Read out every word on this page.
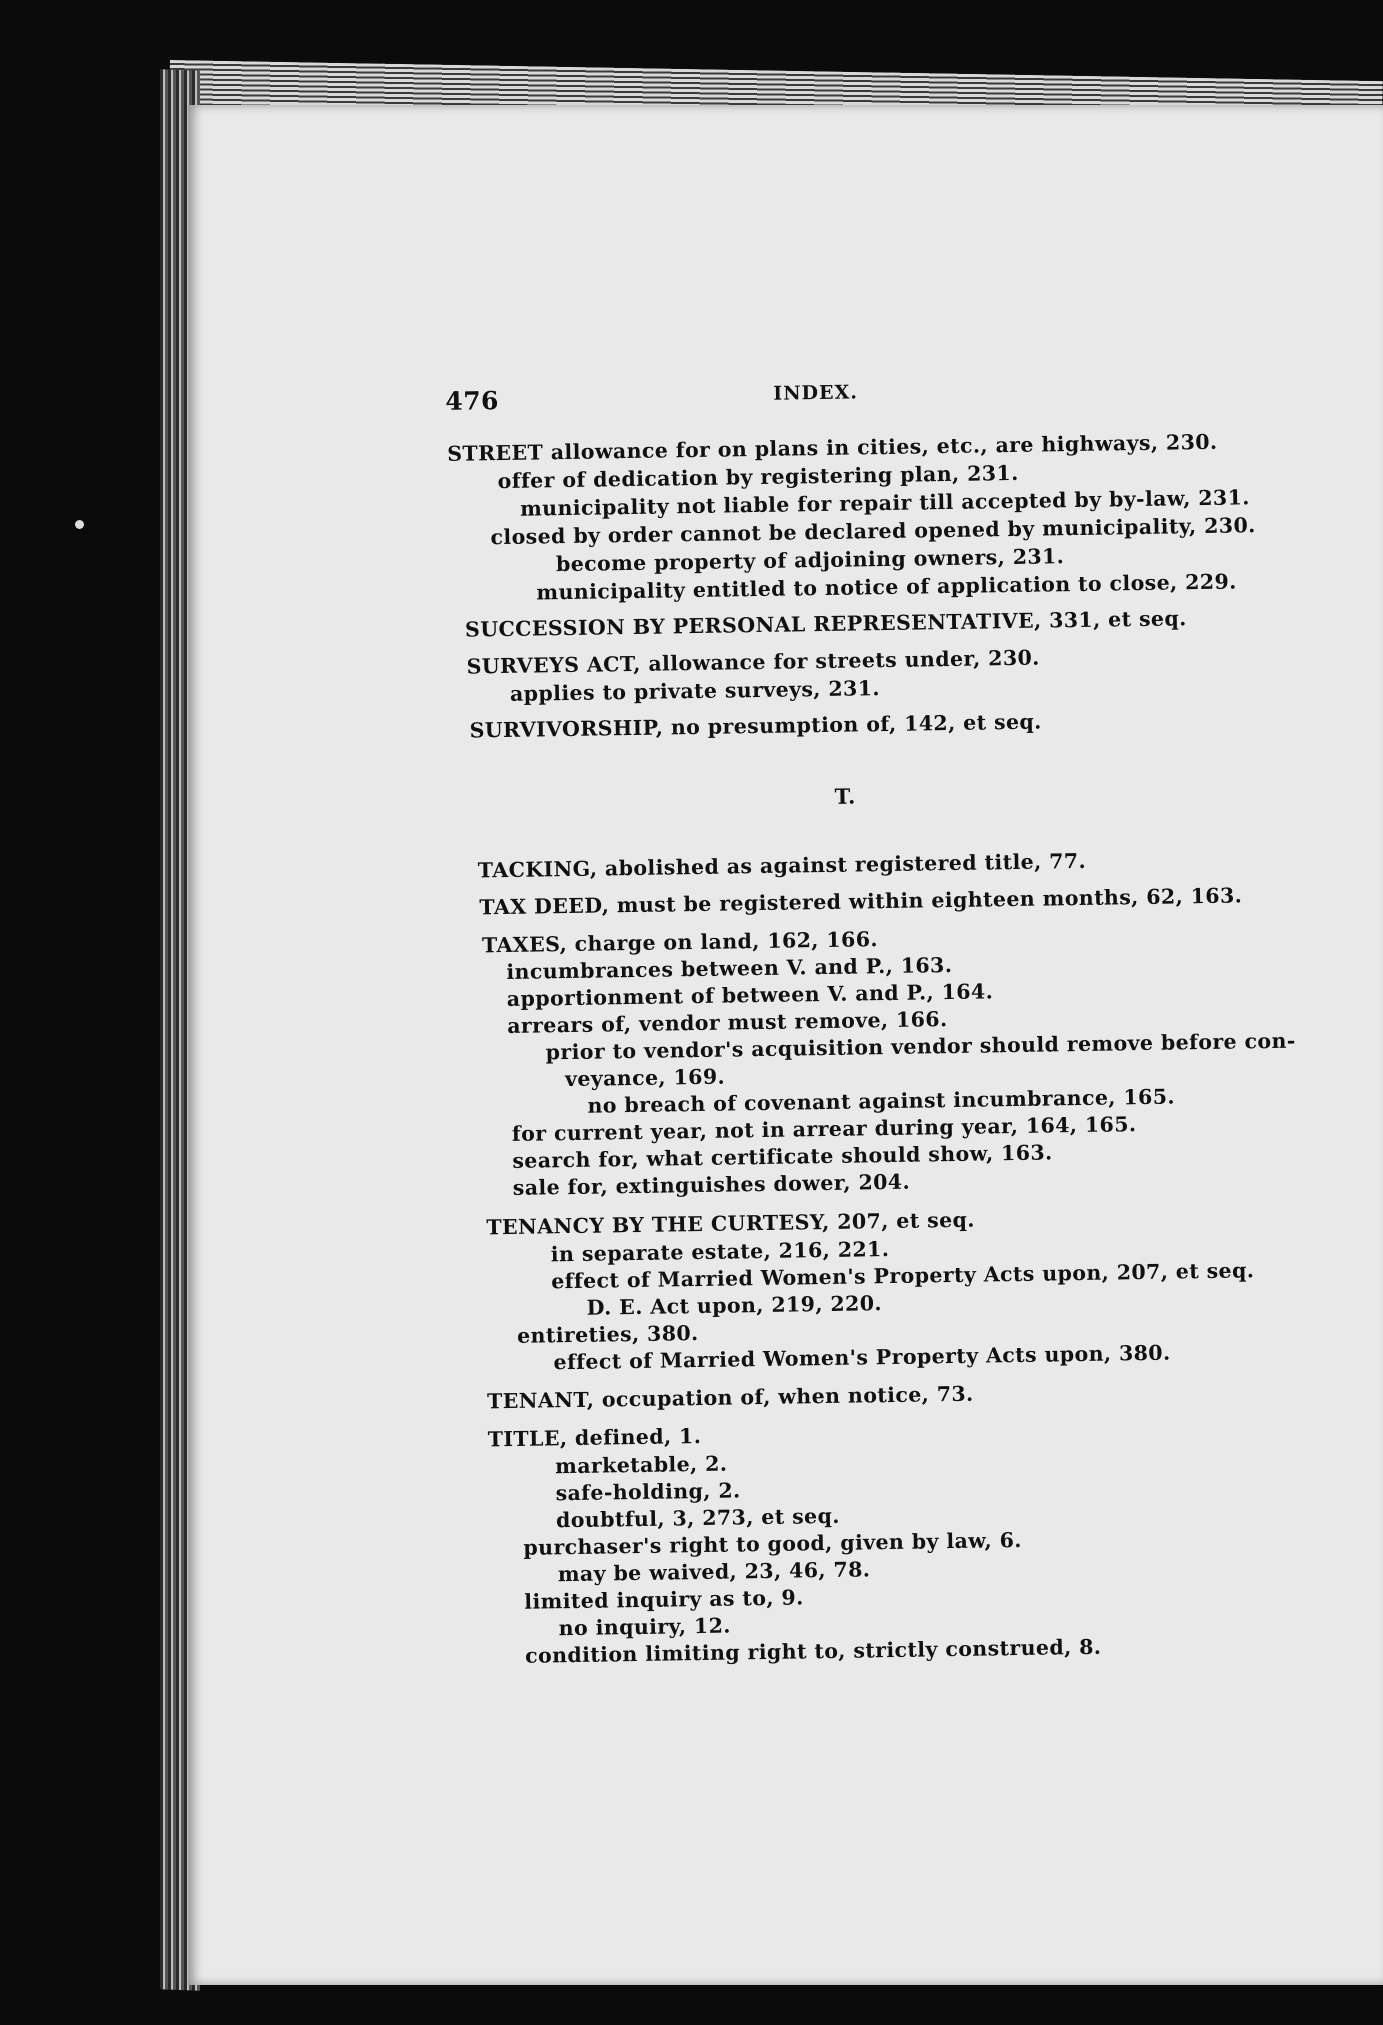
476	INDEX.
STREET allowance for on plans in cities, etc., are highways, 230.
offer of dedication by registering plan, 231.
municipality not liable for repair till accepted by by-law, 231.
closed by order cannot be declared opened by municipality, 230.
become property of adjoining owners, 231.
municipality entitled to notice of application to close, 229.
SUCCESSION BY PERSONAL REPRESENTATIVE, 331, et seq.
SURVEYS ACT, allowance for streets under, 230.
applies to private surveys, 231.
SURVIVORSHIP, no presumption of, 142, et seq.
T.
TACKING, abolished as against registered title, 77.
TAX DEED, must be registered within eighteen months, 62, 163.
TAXES, charge on land, 162, 166.
incumbrances between V. and P., 163.
apportionment of between V. and P., 164.
arrears of, vendor must remove, 166.
prior to vendor's acquisition vendor should remove before con-
veyance, 169.
no breach of covenant against incumbrance, 165.
for current year, not in arrear during year, 164, 165.
search for, what certificate should show, 163.
sale for, extinguishes dower, 204.
TENANCY BY THE CURTESY, 207, et seq.
in separate estate, 216, 221.
effect of Married Women's Property Acts upon, 207, et seq.
D. E. Act upon, 219, 220.
entireties, 380.
effect of Married Women's Property Acts upon, 380.
TENANT, occupation of, when notice, 73.
TITLE, defined, 1.
marketable, 2.
safe-holding, 2.
doubtful, 3, 273, et seq.
purchaser's right to good, given by law, 6.
may be waived, 23, 46, 78.
limited inquiry as to, 9.
no inquiry, 12.
condition limiting right to, strictly construed, 8.
